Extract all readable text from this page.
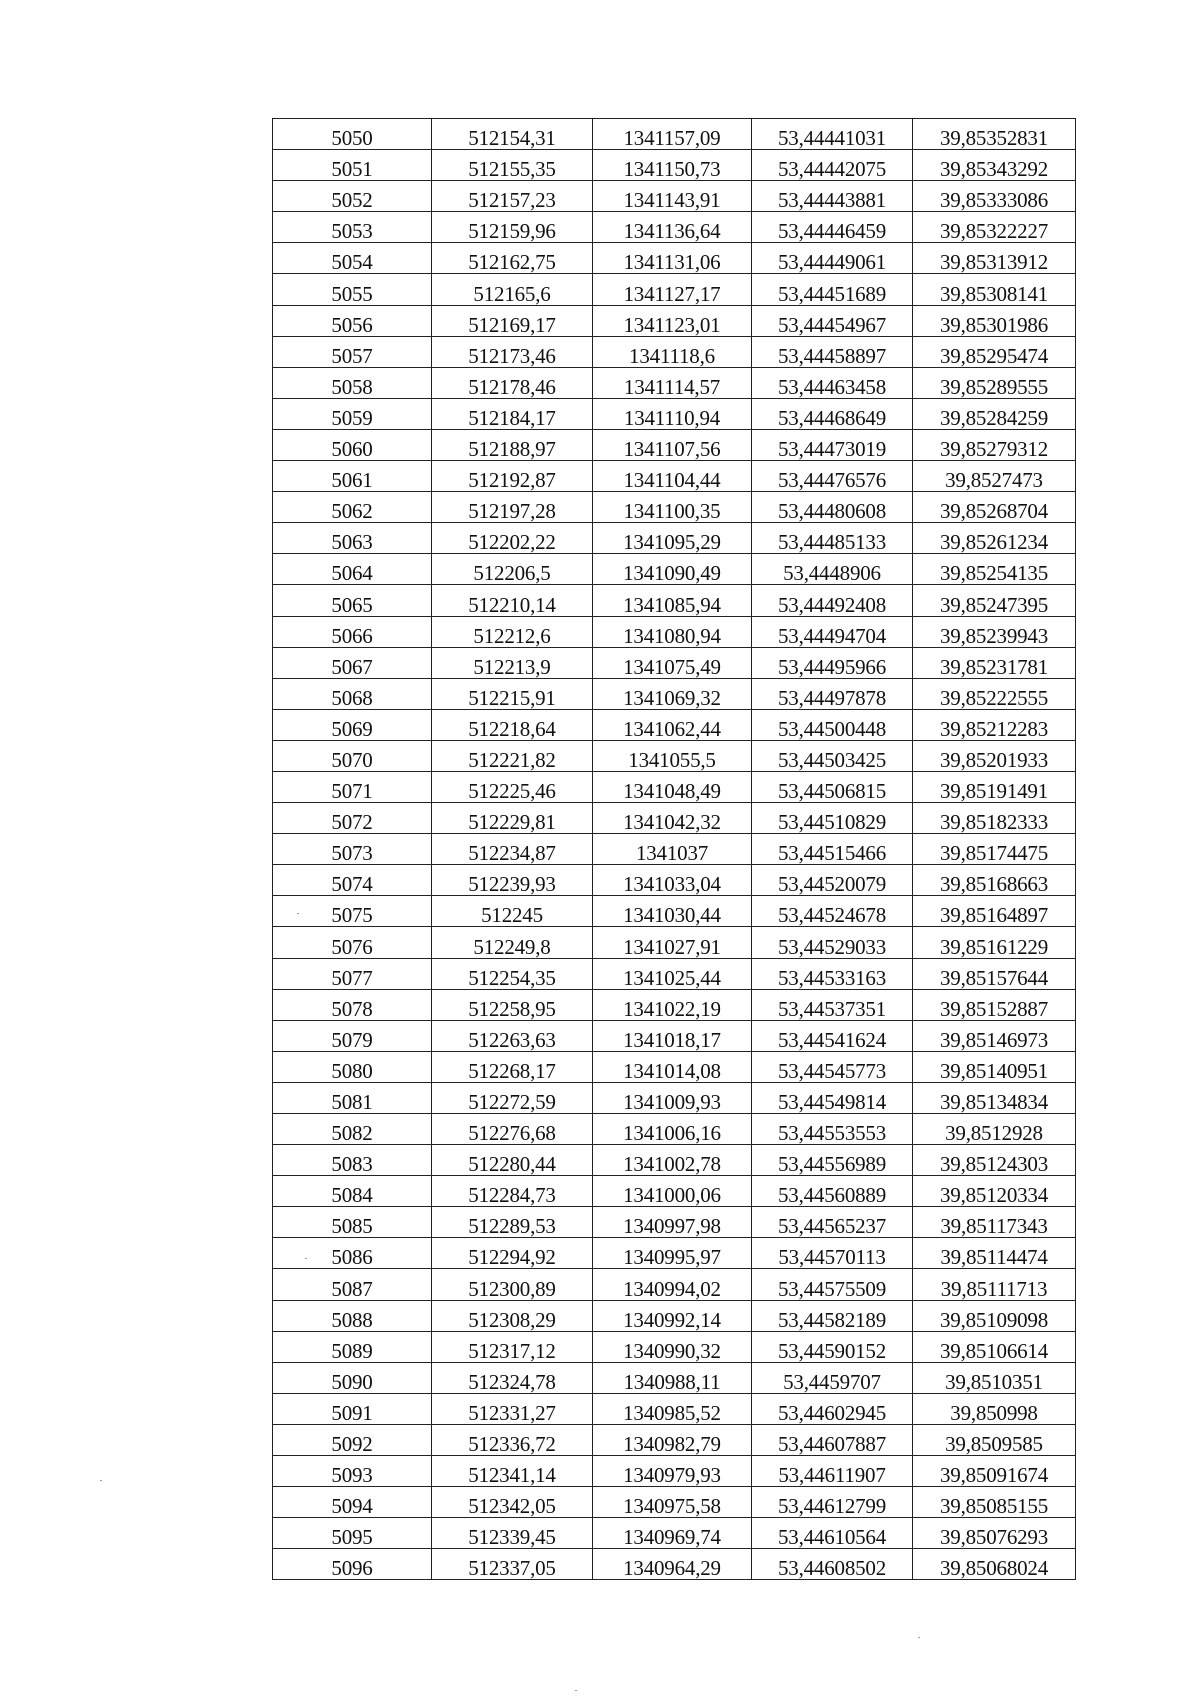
5050	512154,31	1341157,09	53,44441031	39,85352831
5051	512155,35	1341150,73	53,44442075	39,85343292
5052	512157,23	1341143,91	53,44443881	39,85333086
5053	512159,96	1341136,64	53,44446459	39,85322227
5054	512162,75	1341131,06	53,44449061	39,85313912
5055	512165,6	1341127,17	53,44451689	39,85308141
5056	512169,17	1341123,01	53,44454967	39,85301986
5057	512173,46	1341118,6	53,44458897	39,85295474
5058	512178,46	1341114,57	53,44463458	39,85289555
5059	512184,17	1341110,94	53,44468649	39,85284259
5060	512188,97	1341107,56	53,44473019	39,85279312
5061	512192,87	1341104,44	53,44476576	39,8527473
5062	512197,28	1341100,35	53,44480608	39,85268704
5063	512202,22	1341095,29	53,44485133	39,85261234
5064	512206,5	1341090,49	53,4448906	39,85254135
5065	512210,14	1341085,94	53,44492408	39,85247395
5066	512212,6	1341080,94	53,44494704	39,85239943
5067	512213,9	1341075,49	53,44495966	39,85231781
5068	512215,91	1341069,32	53,44497878	39,85222555
5069	512218,64	1341062,44	53,44500448	39,85212283
5070	512221,82	1341055,5	53,44503425	39,85201933
5071	512225,46	1341048,49	53,44506815	39,85191491
5072	512229,81	1341042,32	53,44510829	39,85182333
5073	512234,87	1341037	53,44515466	39,85174475
5074	512239,93	1341033,04	53,44520079	39,85168663
5075	512245	1341030,44	53,44524678	39,85164897
5076	512249,8	1341027,91	53,44529033	39,85161229
5077	512254,35	1341025,44	53,44533163	39,85157644
5078	512258,95	1341022,19	53,44537351	39,85152887
5079	512263,63	1341018,17	53,44541624	39,85146973
5080	512268,17	1341014,08	53,44545773	39,85140951
5081	512272,59	1341009,93	53,44549814	39,85134834
5082	512276,68	1341006,16	53,44553553	39,8512928
5083	512280,44	1341002,78	53,44556989	39,85124303
5084	512284,73	1341000,06	53,44560889	39,85120334
5085	512289,53	1340997,98	53,44565237	39,85117343
5086	512294,92	1340995,97	53,44570113	39,85114474
5087	512300,89	1340994,02	53,44575509	39,85111713
5088	512308,29	1340992,14	53,44582189	39,85109098
5089	512317,12	1340990,32	53,44590152	39,85106614
5090	512324,78	1340988,11	53,4459707	39,8510351
5091	512331,27	1340985,52	53,44602945	39,850998
5092	512336,72	1340982,79	53,44607887	39,8509585
5093	512341,14	1340979,93	53,44611907	39,85091674
5094	512342,05	1340975,58	53,44612799	39,85085155
5095	512339,45	1340969,74	53,44610564	39,85076293
5096	512337,05	1340964,29	53,44608502	39,85068024
